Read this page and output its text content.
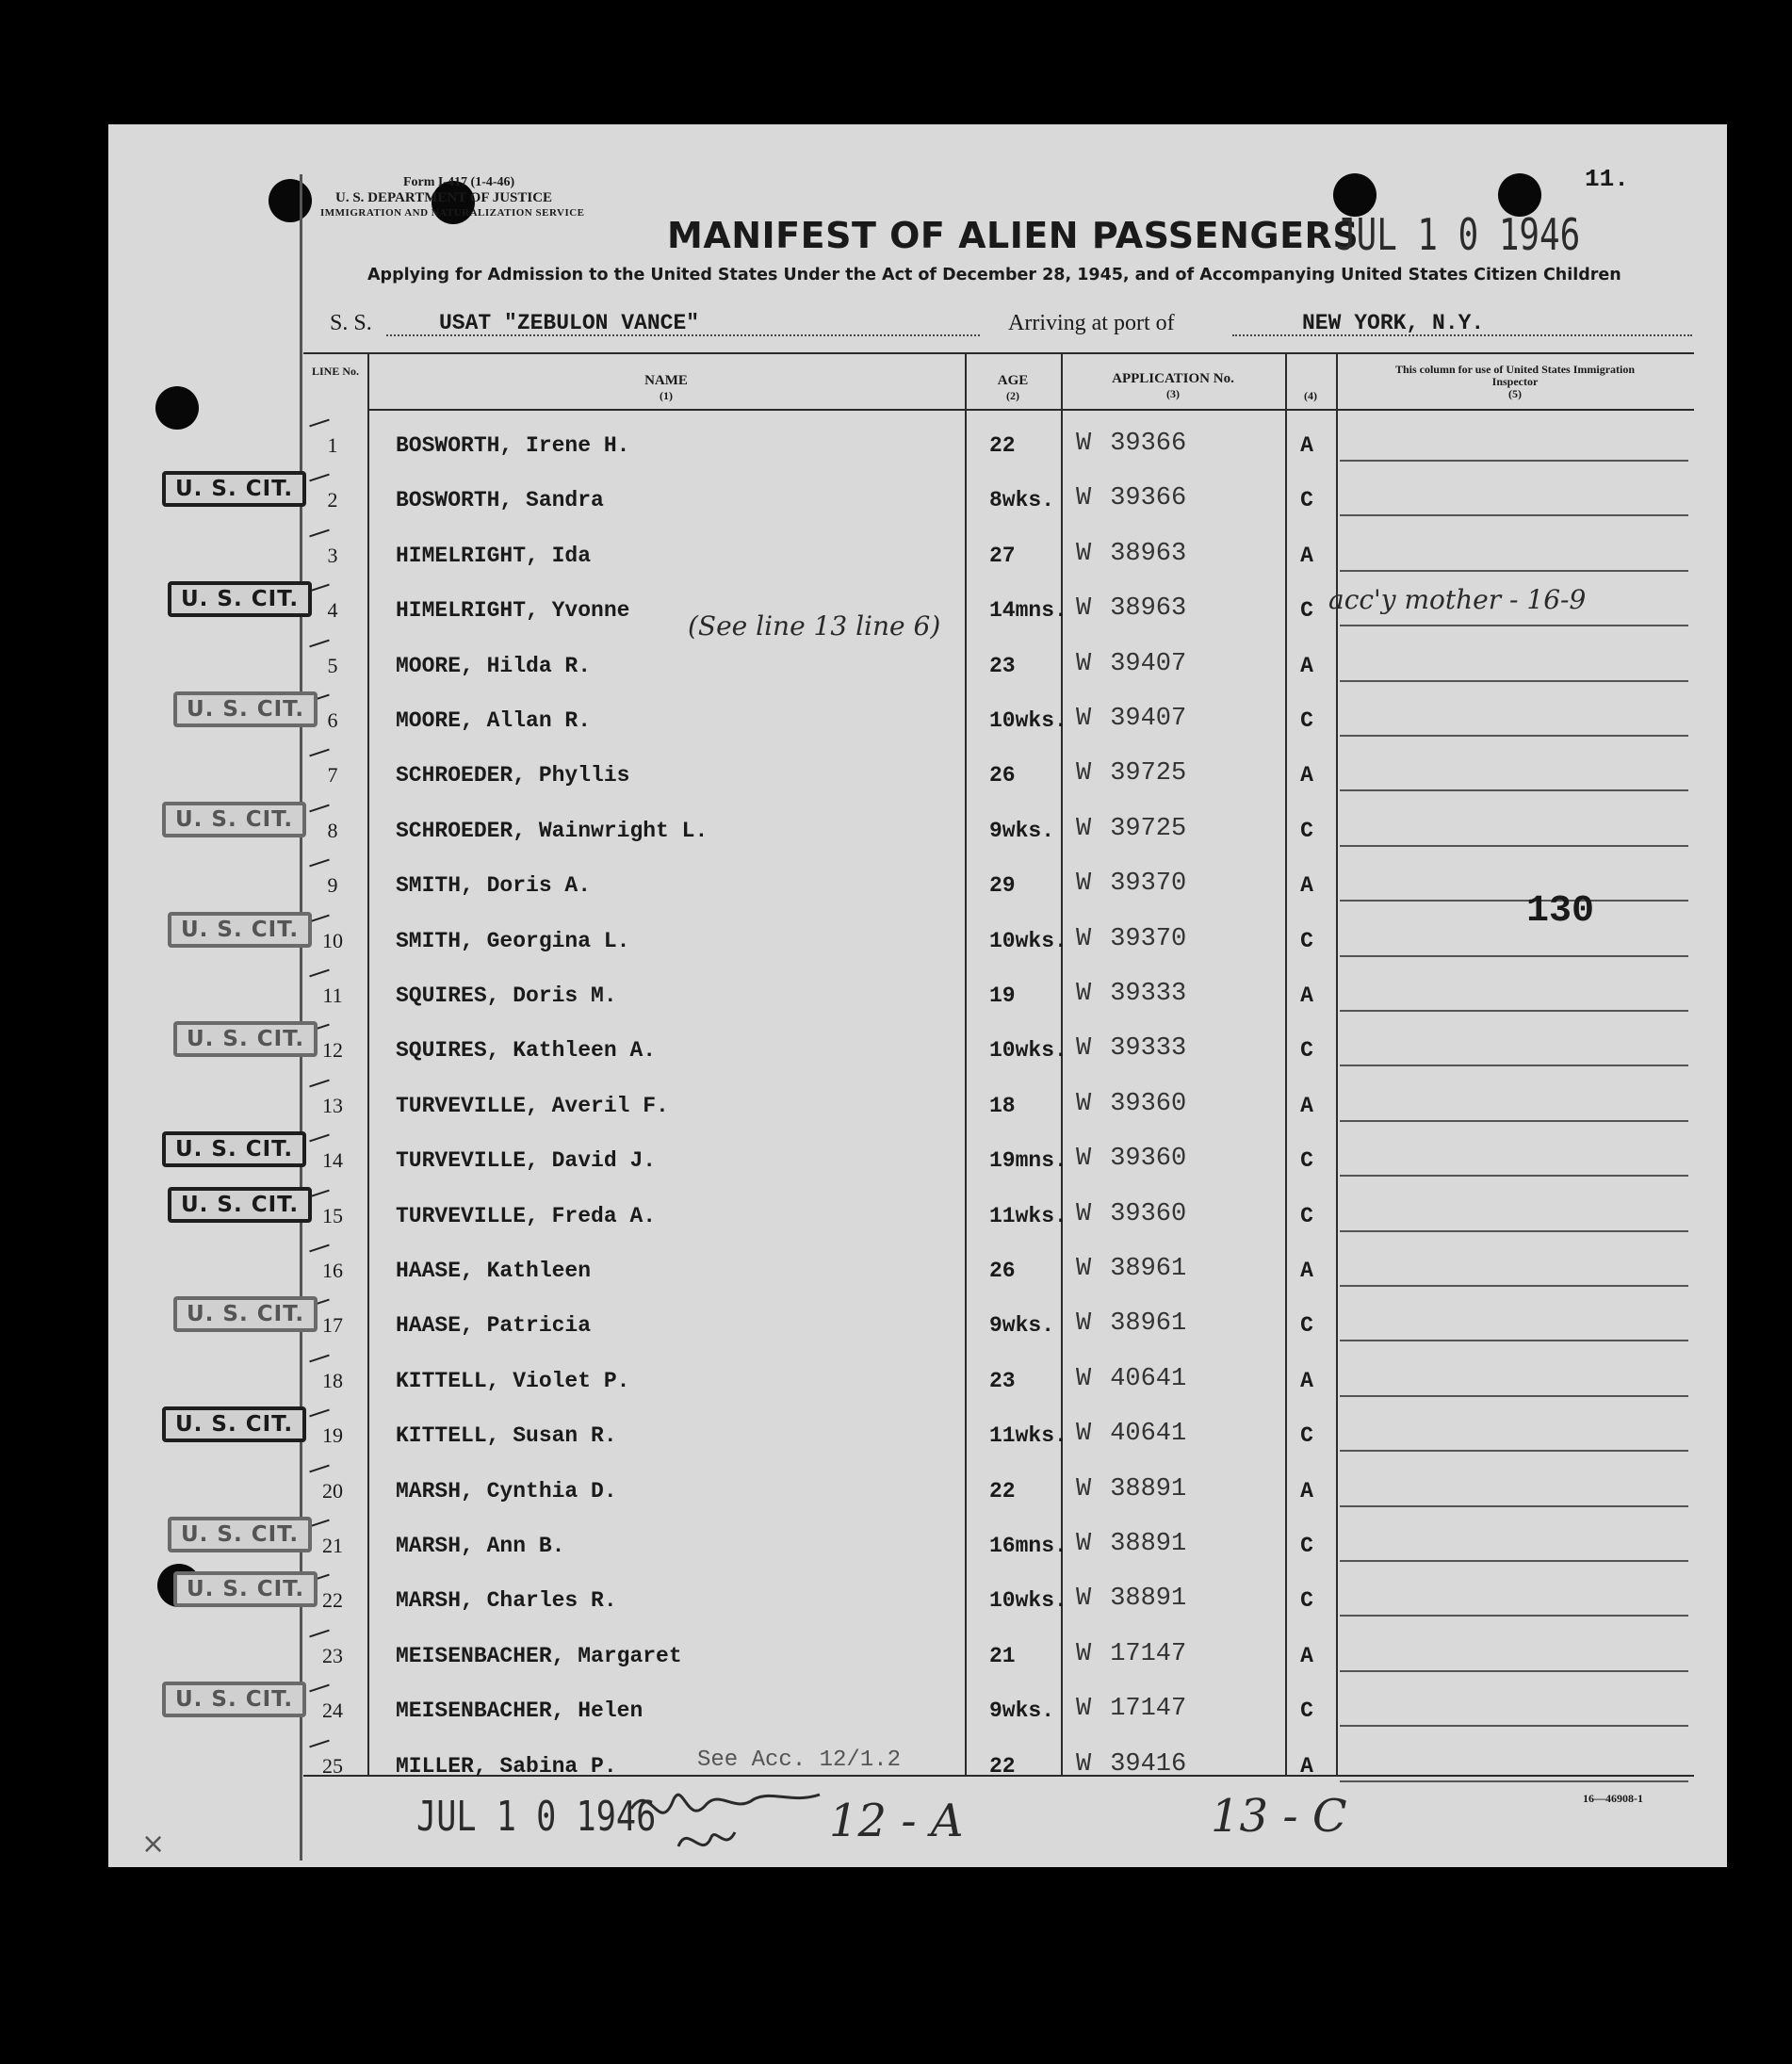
Form I-417 (1-4-46)
U. S. DEPARTMENT OF JUSTICE
IMMIGRATION AND NATURALIZATION SERVICE
11.
MANIFEST OF ALIEN PASSENGERS
JUL 1 0 1946
Applying for Admission to the United States Under the Act of December 28, 1945, and of Accompanying United States Citizen Children
S. S.	USAT "ZEBULON VANCE"	Arriving at port of	NEW YORK, N.Y.
LINE No.
NAME
(1)
AGE
(2)
APPLICATION No.
(3)	(4)
This column for use of United States Immigration Inspector
(5)
1	BOSWORTH, Irene H.	22 W 39366	A
2	BOSWORTH, Sandra	8wks. W 39366	C
3	HIMELRIGHT, Ida	27 W 38963	A
4	HIMELRIGHT, Yvonne	14mns. W 38963	C
5	MOORE, Hilda R.	23 W 39407	A
6	MOORE, Allan R.	10wks. W 39407	C
7	SCHROEDER, Phyllis	26 W 39725	A
8	SCHROEDER, Wainwright L.	9wks. W 39725	C
9	SMITH, Doris A.	29 W 39370	A
10	SMITH, Georgina L.	10wks. W 39370	C
11	SQUIRES, Doris M.	19 W 39333	A
12	SQUIRES, Kathleen A.	10wks. W 39333	C
13	TURVEVILLE, Averil F.	18 W 39360	A
14	TURVEVILLE, David J.	19mns. W 39360	C
15	TURVEVILLE, Freda A.	11wks. W 39360	C
16	HAASE, Kathleen	26 W 38961	A
17	HAASE, Patricia	9wks. W 38961	C
18	KITTELL, Violet P.	23 W 40641	A
19	KITTELL, Susan R.	11wks. W 40641	C
20	MARSH, Cynthia D.	22 W 38891	A
21	MARSH, Ann B.	16mns. W 38891	C
22	MARSH, Charles R.	10wks. W 38891	C
23	MEISENBACHER, Margaret	21 W 17147	A
24	MEISENBACHER, Helen	9wks. W 17147	C
25	MILLER, Sabina P.	22 W 39416	A
U. S. CIT.
U. S. CIT.
U. S. CIT.
U. S. CIT.
U. S. CIT.
U. S. CIT.
U. S. CIT.
U. S. CIT.
U. S. CIT.
U. S. CIT.
U. S. CIT.
U. S. CIT.
U. S. CIT.
(See line 13 line 6)
acc'y mother - 16-9
See Acc. 12/1.2
130
JUL 1 0 1946	12 - A	13 - C	16—46908-1
×
